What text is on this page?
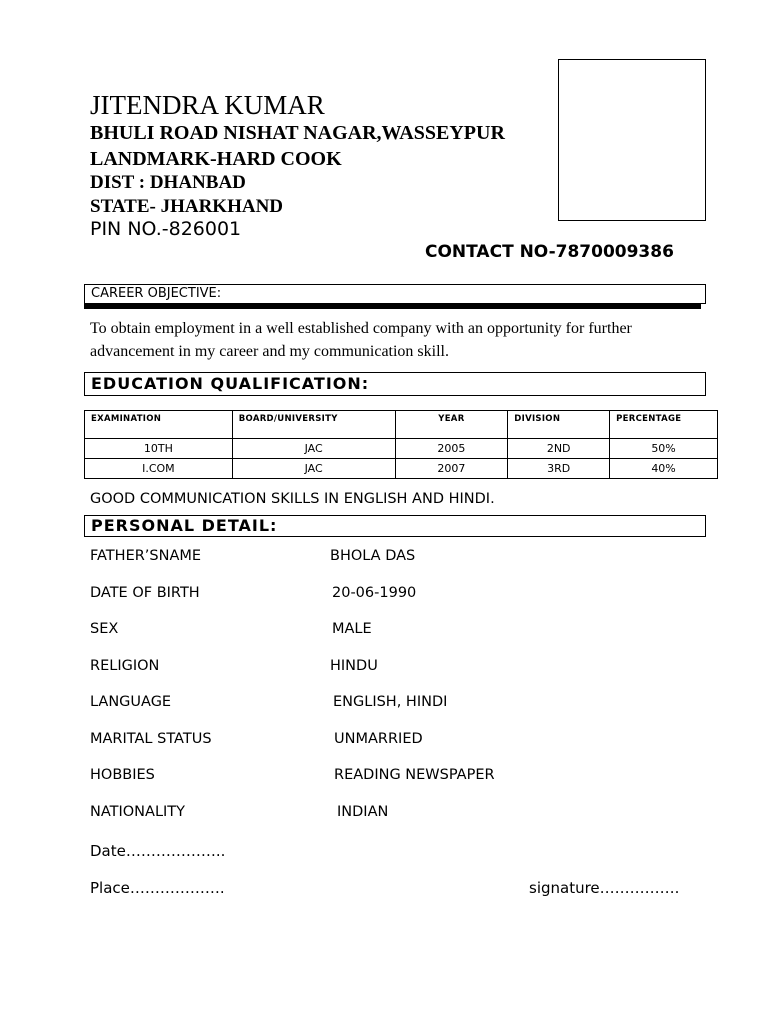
JITENDRA KUMAR
BHULI ROAD NISHAT NAGAR,WASSEYPUR
LANDMARK-HARD COOK
DIST : DHANBAD
STATE- JHARKHAND
PIN NO.-826001
CONTACT NO-7870009386
CAREER OBJECTIVE:
To obtain employment in a well established company with an opportunity for further advancement in my career and my communication skill.
EDUCATION QUALIFICATION:
EXAMINATION	BOARD/UNIVERSITY	YEAR	DIVISION	PERCENTAGE
10TH	JAC	2005	2ND	50%
I.COM	JAC	2007	3RD	40%
GOOD COMMUNICATION SKILLS IN ENGLISH AND HINDI.
PERSONAL DETAIL:
FATHER’SNAME	BHOLA DAS
DATE OF BIRTH	20-06-1990
SEX	MALE
RELIGION	HINDU
LANGUAGE	ENGLISH, HINDI
MARITAL STATUS	UNMARRIED
HOBBIES	READING NEWSPAPER
NATIONALITY	INDIAN
Date………………..
Place……………….	signature…………….
